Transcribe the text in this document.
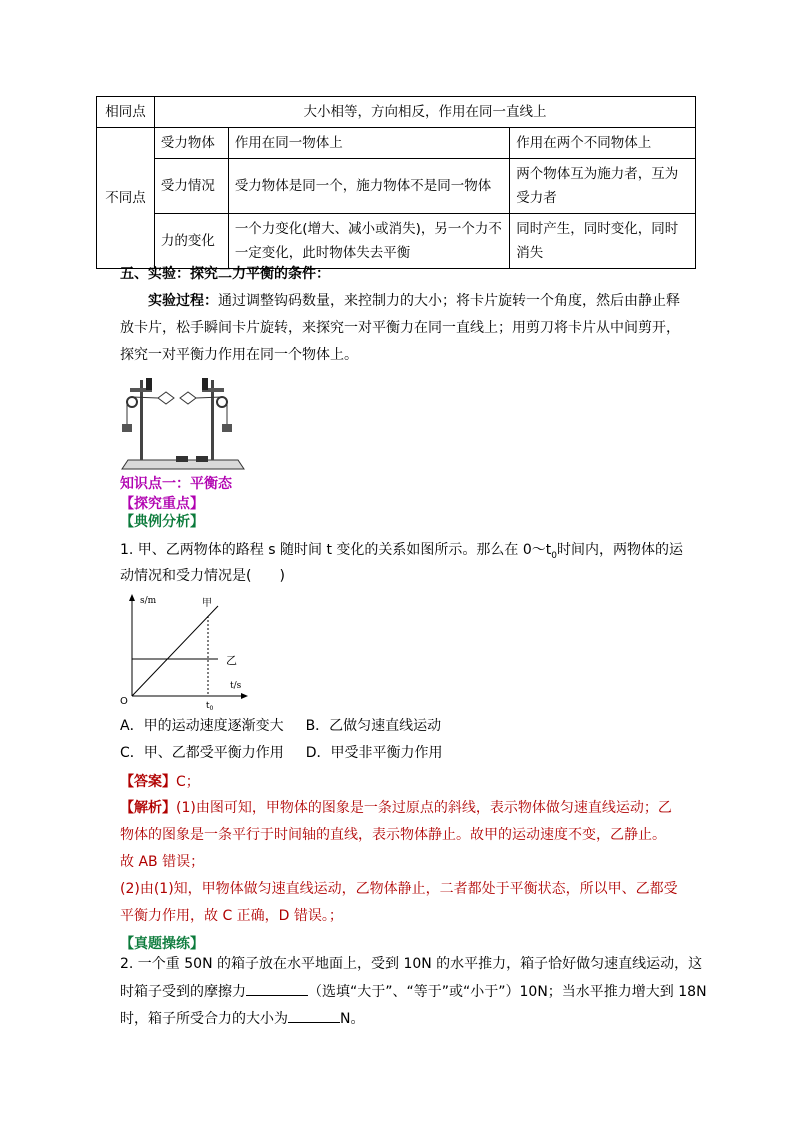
相同点	大小相等，方向相反，作用在同一直线上		
不同点	受力物体	作用在同一物体上	作用在两个不同物体上
	受力情况	受力物体是同一个，施力物体不是同一物体	两个物体互为施力者，互为受力者
	力的变化	一个力变化(增大、减小或消失)，另一个力不一定变化，此时物体失去平衡	同时产生，同时变化，同时消失
五、实验：探究二力平衡的条件：
实验过程：通过调整钩码数量，来控制力的大小；将卡片旋转一个角度，然后由静止释
放卡片，松手瞬间卡片旋转，来探究一对平衡力在同一直线上；用剪刀将卡片从中间剪开，
探究一对平衡力作用在同一个物体上。
知识点一：平衡态
【探究重点】
【典例分析】
1. 甲、乙两物体的路程 s 随时间 t 变化的关系如图所示。那么在 $0\sim t_0$时间内，两物体的运
动情况和受力情况是(　　)
s/m
t/s
O	$t_0$
甲
乙
A．甲的运动速度逐渐变大 B．乙做匀速直线运动
C．甲、乙都受平衡力作用 D．甲受非平衡力作用
【答案】C；
【解析】(1)由图可知，甲物体的图象是一条过原点的斜线，表示物体做匀速直线运动；乙
物体的图象是一条平行于时间轴的直线，表示物体静止。故甲的运动速度不变，乙静止。
故 AB 错误；
(2)由(1)知，甲物体做匀速直线运动，乙物体静止，二者都处于平衡状态，所以甲、乙都受
平衡力作用，故 C 正确，D 错误。；
【真题操练】
2. 一个重 50N 的箱子放在水平地面上，受到 10N 的水平推力，箱子恰好做匀速直线运动，这
时箱子受到的摩擦力	（选填“大于”、“等于”或“小于”）10N；当水平推力增大到 18N
时，箱子所受合力的大小为	N。
